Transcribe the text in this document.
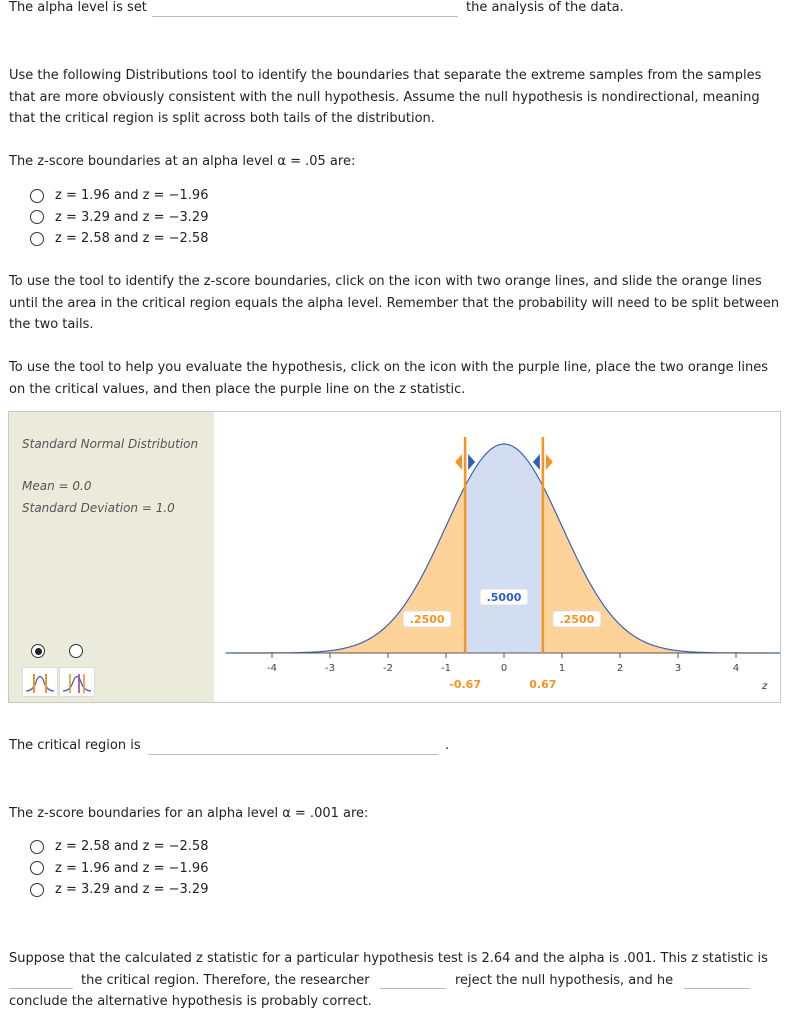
The alpha level is set	the analysis of the data.
Use the following Distributions tool to identify the boundaries that separate the extreme samples from the samples that are more obviously consistent with the null hypothesis. Assume the null hypothesis is nondirectional, meaning that the critical region is split across both tails of the distribution.
The z-score boundaries at an alpha level α = .05 are:
z = 1.96 and z = −1.96
z = 3.29 and z = −3.29
z = 2.58 and z = −2.58
To use the tool to identify the z-score boundaries, click on the icon with two orange lines, and slide the orange lines until the area in the critical region equals the alpha level. Remember that the probability will need to be split between the two tails.
To use the tool to help you evaluate the hypothesis, click on the icon with the purple line, place the two orange lines on the critical values, and then place the purple line on the z statistic.
Standard Normal Distribution
Mean = 0.0
Standard Deviation = 1.0
-4	-3	-2	-1	0	1	2	3	4
z
-0.67	0.67
.2500
.5000
.2500
The critical region is	.
The z-score boundaries for an alpha level α = .001 are:
z = 2.58 and z = −2.58
z = 1.96 and z = −1.96
z = 3.29 and z = −3.29
Suppose that the calculated z statistic for a particular hypothesis test is 2.64 and the alpha is .001. This z statistic is
the critical region. Therefore, the researcher	reject the null hypothesis, and he
conclude the alternative hypothesis is probably correct.
